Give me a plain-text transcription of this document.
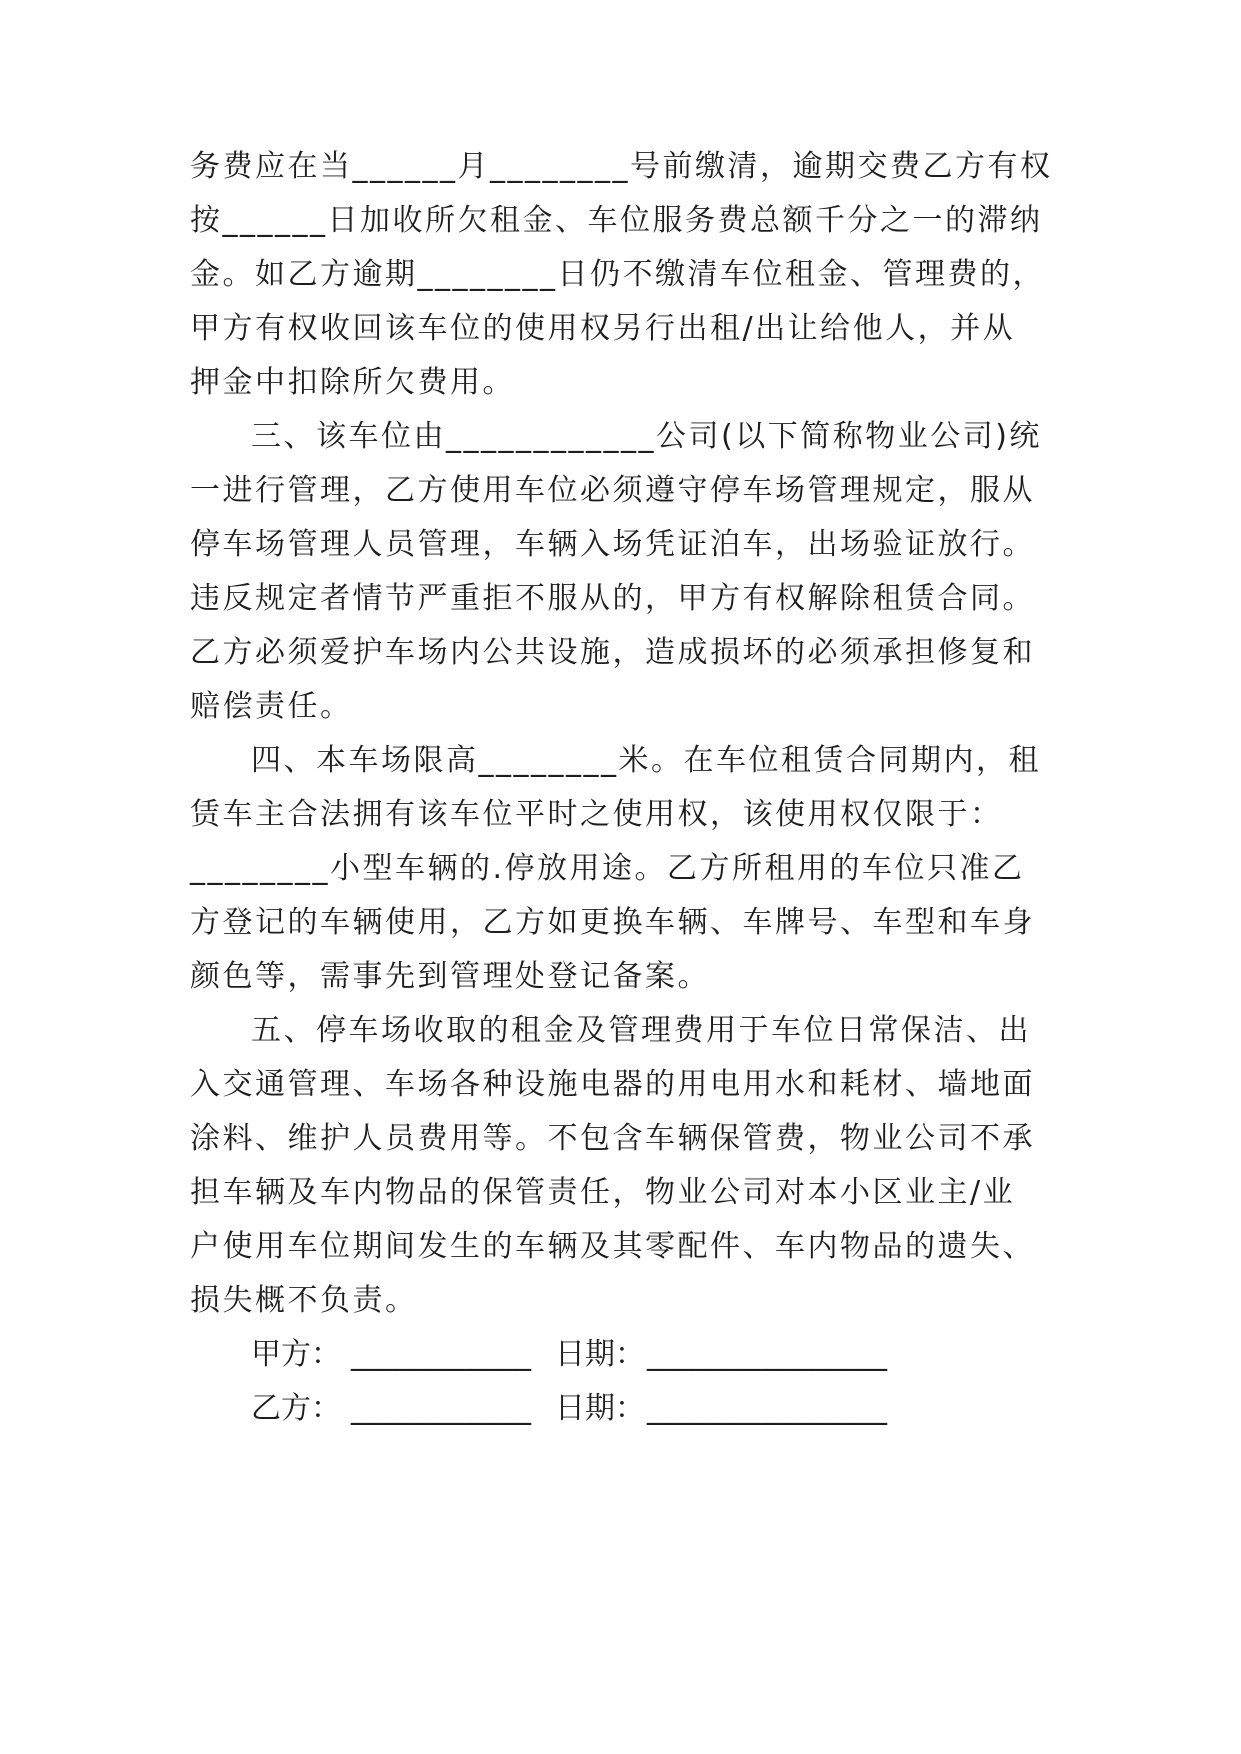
务费应在当______月________号前缴清，逾期交费乙方有权
按______日加收所欠租金、车位服务费总额千分之一的滞纳
金。如乙方逾期________日仍不缴清车位租金、管理费的，
甲方有权收回该车位的使用权另行出租/出让给他人，并从
押金中扣除所欠费用。
三、该车位由____________公司(以下简称物业公司)统
一进行管理，乙方使用车位必须遵守停车场管理规定，服从
停车场管理人员管理，车辆入场凭证泊车，出场验证放行。
违反规定者情节严重拒不服从的，甲方有权解除租赁合同。
乙方必须爱护车场内公共设施，造成损坏的必须承担修复和
赔偿责任。
四、本车场限高________米。在车位租赁合同期内，租
赁车主合法拥有该车位平时之使用权，该使用权仅限于：
________小型车辆的.停放用途。乙方所租用的车位只准乙
方登记的车辆使用，乙方如更换车辆、车牌号、车型和车身
颜色等，需事先到管理处登记备案。
五、停车场收取的租金及管理费用于车位日常保洁、出
入交通管理、车场各种设施电器的用电用水和耗材、墙地面
涂料、维护人员费用等。不包含车辆保管费，物业公司不承
担车辆及车内物品的保管责任，物业公司对本小区业主/业
户使用车位期间发生的车辆及其零配件、车内物品的遗失、
损失概不负责。
甲方： ____________ 日期： ________________
乙方： ____________ 日期： ________________
